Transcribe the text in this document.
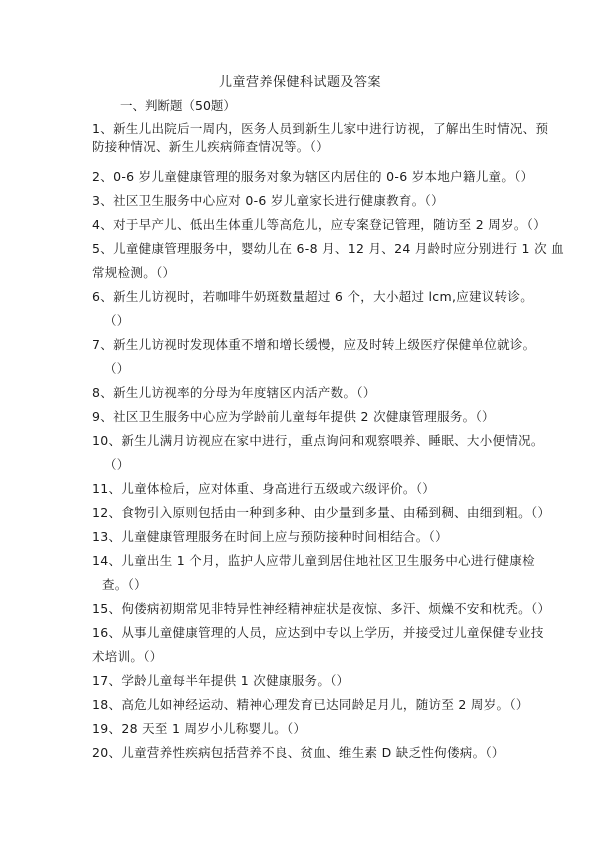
儿童营养保健科试题及答案
一、判断题（50题）
1、新生儿出院后一周内，医务人员到新生儿家中进行访视，了解出生时情况、预
防接种情况、新生儿疾病筛查情况等。（）
2、0-6 岁儿童健康管理的服务对象为辖区内居住的 0-6 岁本地户籍儿童。（）
3、社区卫生服务中心应对 0-6 岁儿童家长进行健康教育。（）
4、对于早产儿、低出生体重儿等高危儿，应专案登记管理，随访至 2 周岁。（）
5、儿童健康管理服务中，婴幼儿在 6-8 月、12 月、24 月龄时应分别进行 1 次 血
常规检测。（）
6、新生儿访视时，若咖啡牛奶斑数量超过 6 个，大小超过 lcm,应建议转诊。
（）
7、新生儿访视时发现体重不增和增长缓慢，应及时转上级医疗保健单位就诊。
（）
8、新生儿访视率的分母为年度辖区内活产数。（）
9、社区卫生服务中心应为学龄前儿童每年提供 2 次健康管理服务。（）
10、新生儿满月访视应在家中进行，重点询问和观察喂养、睡眠、大小便情况。
（）
11、儿童体检后，应对体重、身高进行五级或六级评价。（）
12、食物引入原则包括由一种到多种、由少量到多量、由稀到稠、由细到粗。（）
13、儿童健康管理服务在时间上应与预防接种时间相结合。（）
14、儿童出生 1 个月，监护人应带儿童到居住地社区卫生服务中心进行健康检
查。（）
15、佝偻病初期常见非特异性神经精神症状是夜惊、多汗、烦燥不安和枕秃。（）
16、从事儿童健康管理的人员，应达到中专以上学历，并接受过儿童保健专业技
术培训。（）
17、学龄儿童每半年提供 1 次健康服务。（）
18、高危儿如神经运动、精神心理发育已达同龄足月儿，随访至 2 周岁。（）
19、28 天至 1 周岁小儿称婴儿。（）
20、儿童营养性疾病包括营养不良、贫血、维生素 D 缺乏性佝偻病。（）
